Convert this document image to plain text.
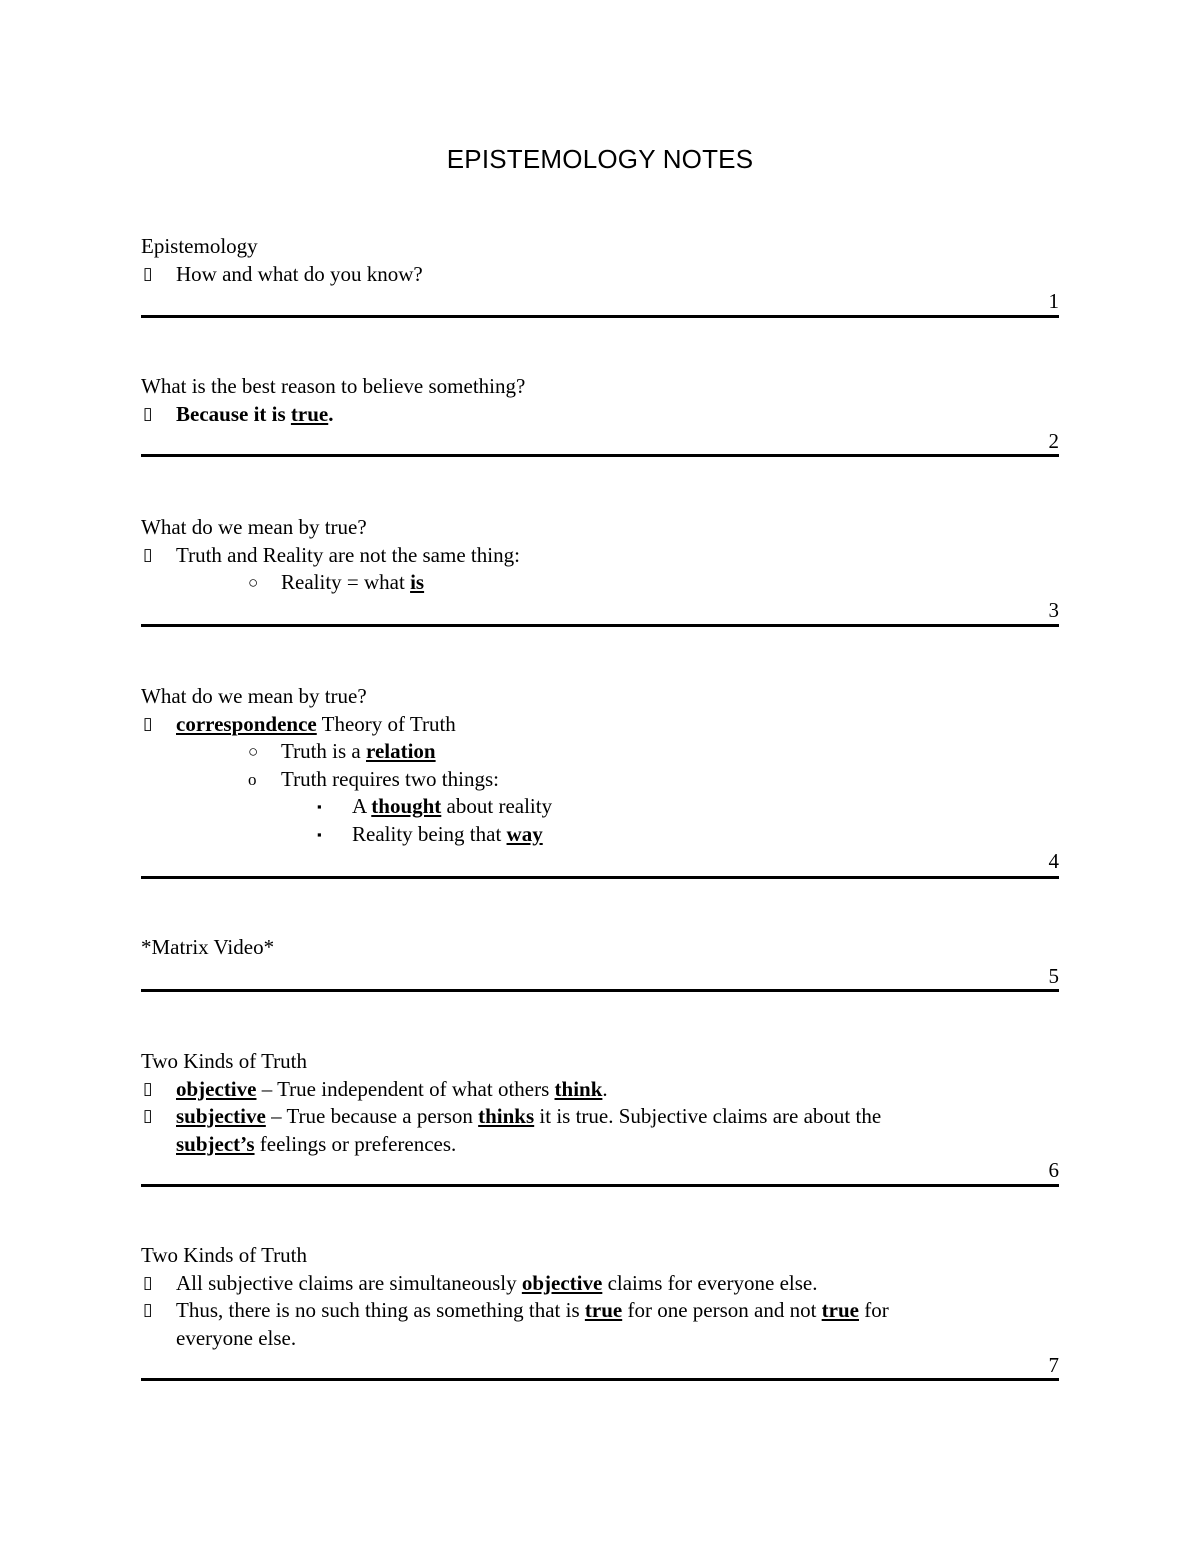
EPISTEMOLOGY NOTES
Epistemology
▯ How and what do you know?
1
What is the best reason to believe something?
▯ Because it is true.
2
What do we mean by true?
▯ Truth and Reality are not the same thing:
○ Reality = what is
3
What do we mean by true?
▯ correspondence Theory of Truth
○ Truth is a relation
o Truth requires two things:
▪ A thought about reality
▪ Reality being that way
4
*Matrix Video*
5
Two Kinds of Truth
▯ objective – True independent of what others think.
▯ subjective – True because a person thinks it is true. Subjective claims are about the
subject’s feelings or preferences.
6
Two Kinds of Truth
▯ All subjective claims are simultaneously objective claims for everyone else.
▯ Thus, there is no such thing as something that is true for one person and not true for
everyone else.
7
